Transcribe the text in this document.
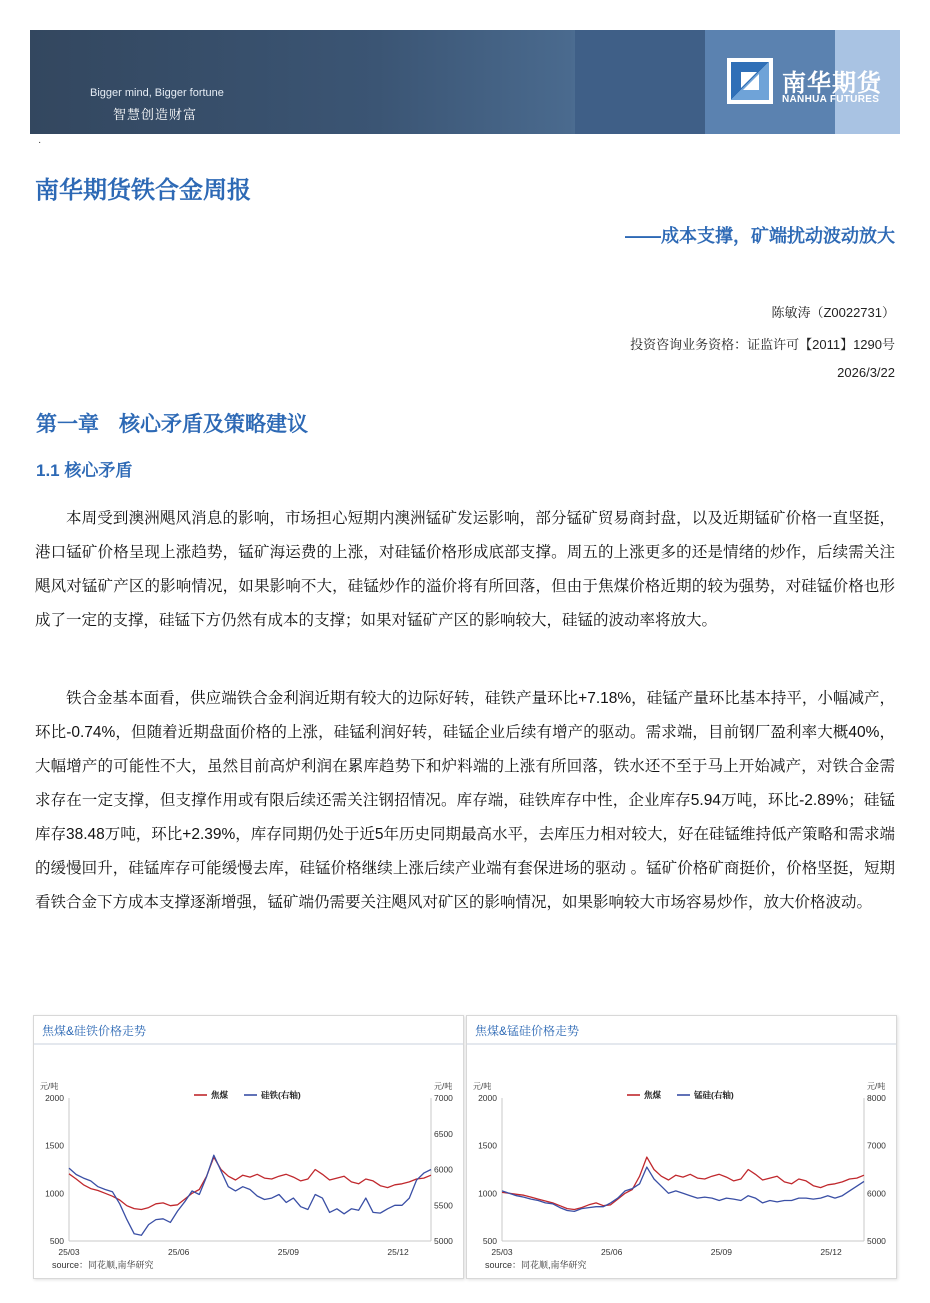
Bigger mind, Bigger fortune
智慧创造财富
南华期货
NANHUA FUTURES
·
南华期货铁合金周报
——成本支撑，矿端扰动波动放大
陈敏涛（Z0022731）
投资咨询业务资格：证监许可【2011】1290号
2026/3/22
第一章 核心矛盾及策略建议
1.1 核心矛盾
本周受到澳洲飓风消息的影响，市场担心短期内澳洲锰矿发运影响，部分锰矿贸易商封盘，以及近期锰矿价格一直坚挺，港口锰矿价格呈现上涨趋势，锰矿海运费的上涨，对硅锰价格形成底部支撑。周五的上涨更多的还是情绪的炒作，后续需关注飓风对锰矿产区的影响情况，如果影响不大，硅锰炒作的溢价将有所回落，但由于焦煤价格近期的较为强势，对硅锰价格也形成了一定的支撑，硅锰下方仍然有成本的支撑；如果对锰矿产区的影响较大，硅锰的波动率将放大。
铁合金基本面看，供应端铁合金利润近期有较大的边际好转，硅铁产量环比+7.18%，硅锰产量环比基本持平，小幅减产，环比-0.74%，但随着近期盘面价格的上涨，硅锰利润好转，硅锰企业后续有增产的驱动。需求端，目前钢厂盈利率大概40%，大幅增产的可能性不大，虽然目前高炉利润在累库趋势下和炉料端的上涨有所回落，铁水还不至于马上开始减产，对铁合金需求存在一定支撑，但支撑作用或有限后续还需关注钢招情况。库存端，硅铁库存中性，企业库存5.94万吨，环比-2.89%；硅锰库存38.48万吨，环比+2.39%，库存同期仍处于近5年历史同期最高水平，去库压力相对较大，好在硅锰维持低产策略和需求端的缓慢回升，硅锰库存可能缓慢去库，硅锰价格继续上涨后续产业端有套保进场的驱动 。锰矿价格矿商挺价，价格坚挺，短期看铁合金下方成本支撑逐渐增强，锰矿端仍需要关注飓风对矿区的影响情况，如果影响较大市场容易炒作，放大价格波动。
焦煤&硅铁价格走势
元/吨	元/吨
2000
1500
1000
500
7000
6500
6000
5500
5000
25/03	25/06	25/09	25/12
焦煤	硅铁(右轴)
source：同花顺,南华研究
焦煤&锰硅价格走势
元/吨	元/吨
2000
1500
1000
500
8000
7000
6000
5000
25/03	25/06	25/09	25/12
焦煤	锰硅(右轴)
source：同花顺,南华研究
